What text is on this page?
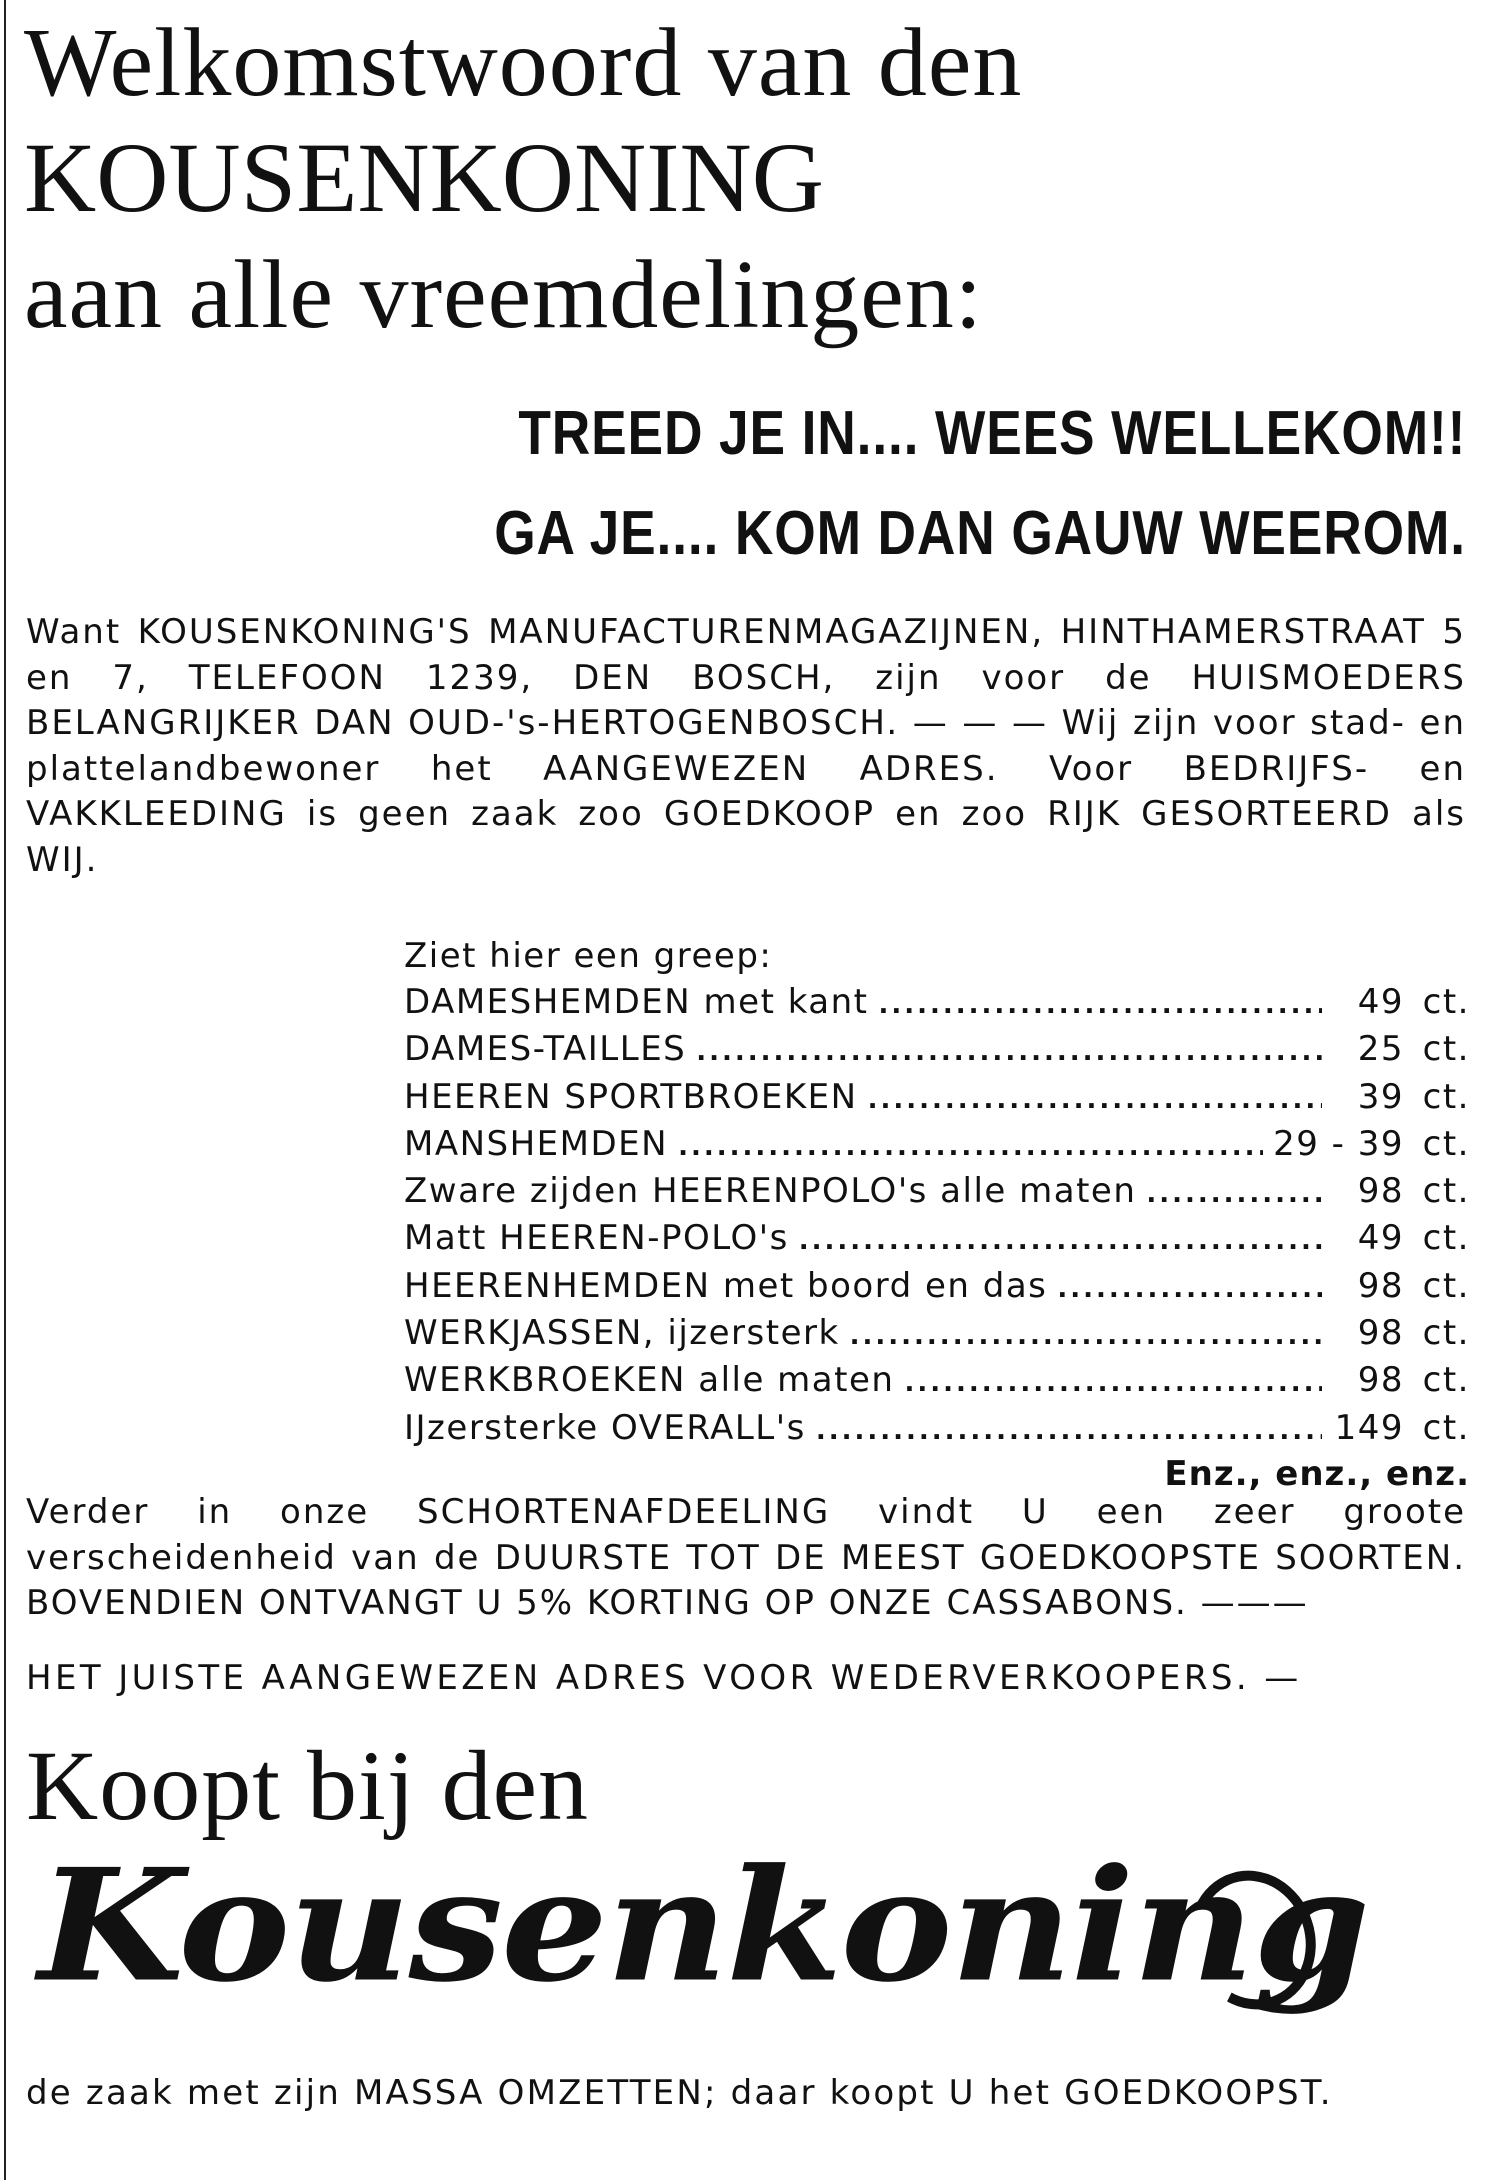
Welkomstwoord van den
KOUSENKONING
aan alle vreemdelingen:
TREED JE IN.... WEES WELLEKOM!!
GA JE.... KOM DAN GAUW WEEROM.

Want KOUSENKONING'S MANUFACTURENMAGAZIJNEN, HINTHAMERSTRAAT 5 en 7, TELEFOON 1239, DEN BOSCH, zijn voor de HUISMOEDERS BELANGRIJKER DAN OUD-'s-HERTOGENBOSCH. — — — Wij zijn voor stad- en plattelandbewoner het AANGEWEZEN ADRES. Voor BEDRIJFS- en VAKKLEEDING is geen zaak zoo GOEDKOOP en zoo RIJK GESORTEERD als WIJ.

Ziet hier een greep:
DAMESHEMDEN met kant .....	49 ct.
DAMES-TAILLES .....	25 ct.
HEEREN SPORTBROEKEN .....	39 ct.
MANSHEMDEN .....	29 - 39 ct.
Zware zijden HEERENPOLO's alle maten .....	98 ct.
Matt HEEREN-POLO's .....	49 ct.
HEERENHEMDEN met boord en das .....	98 ct.
WERKJASSEN, ijzersterk .....	98 ct.
WERKBROEKEN alle maten .....	98 ct.
IJzersterke OVERALL's .....	149 ct.
Enz., enz., enz.

Verder in onze SCHORTENAFDEELING vindt U een zeer groote verscheidenheid van de DUURSTE TOT DE MEEST GOEDKOOPSTE SOORTEN. BOVENDIEN ONTVANGT U 5% KORTING OP ONZE CASSABONS. ———

HET JUISTE AANGEWEZEN ADRES VOOR WEDERVERKOOPERS. —
Koopt bij den
Kousenkoning
de zaak met zijn MASSA OMZETTEN; daar koopt U het GOEDKOOPST.
